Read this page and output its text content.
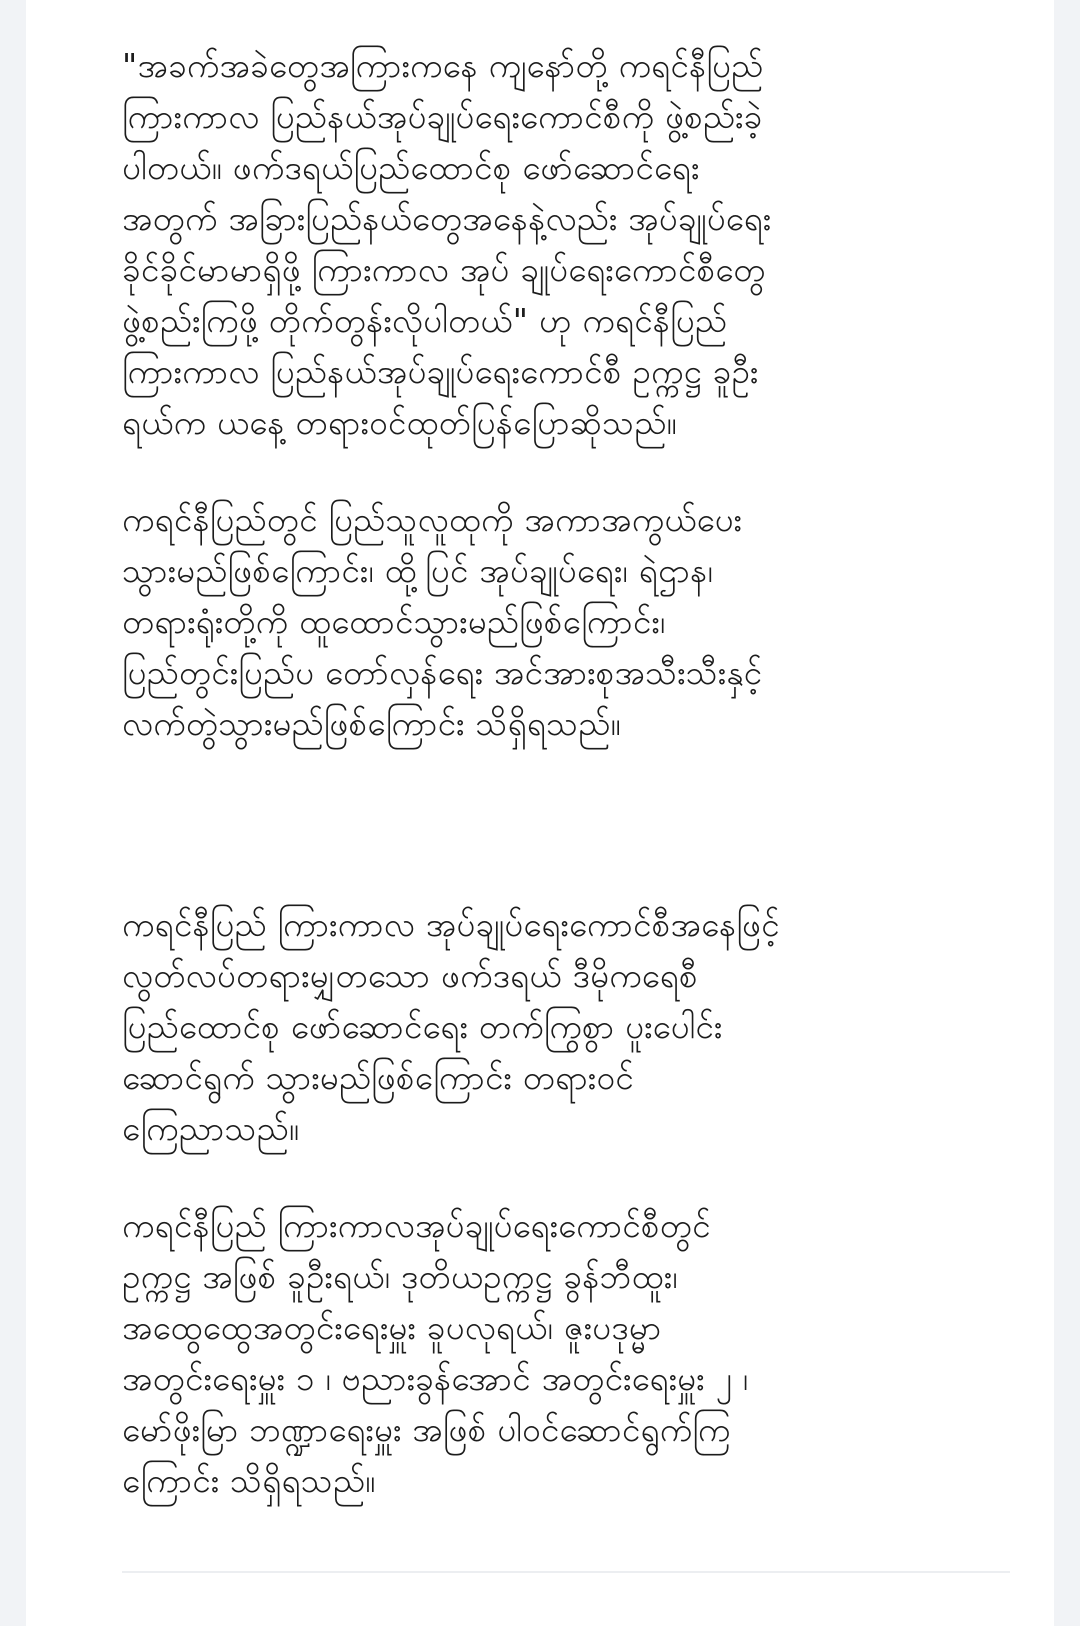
"အခက်အခဲတွေအကြားကနေ ကျနော်တို့ ကရင်နီပြည်
ကြားကာလ ပြည်နယ်အုပ်ချုပ်ရေးကောင်စီကို ဖွဲ့စည်းခဲ့
ပါတယ်။ ဖက်ဒရယ်ပြည်ထောင်စု ဖော်ဆောင်ရေး
အတွက် အခြားပြည်နယ်တွေအနေနဲ့လည်း အုပ်ချုပ်ရေး
ခိုင်ခိုင်မာမာရှိဖို့ ကြားကာလ အုပ် ချုပ်ရေးကောင်စီတွေ
ဖွဲ့စည်းကြဖို့ တိုက်တွန်းလိုပါတယ်" ဟု ကရင်နီပြည်
ကြားကာလ ပြည်နယ်အုပ်ချုပ်ရေးကောင်စီ ဥက္ကဋ္ဌ ခူဦး
ရယ်က ယနေ့ တရားဝင်ထုတ်ပြန်ပြောဆိုသည်။

ကရင်နီပြည်တွင် ပြည်သူလူထုကို အကာအကွယ်ပေး
သွားမည်ဖြစ်ကြောင်း၊ ထို့ပြင် အုပ်ချုပ်ရေး၊ ရဲဌာန၊
တရားရုံးတို့ကို ထူထောင်သွားမည်ဖြစ်ကြောင်း၊
ပြည်တွင်းပြည်ပ တော်လှန်ရေး အင်အားစုအသီးသီးနှင့်
လက်တွဲသွားမည်ဖြစ်ကြောင်း သိရှိရသည်။

ကရင်နီပြည် ကြားကာလ အုပ်ချုပ်ရေးကောင်စီအနေဖြင့်
လွတ်လပ်တရားမျှတသော ဖက်ဒရယ် ဒီမိုကရေစီ
ပြည်ထောင်စု ဖော်ဆောင်ရေး တက်ကြွစွာ ပူးပေါင်း
ဆောင်ရွက် သွားမည်ဖြစ်ကြောင်း တရားဝင်
ကြေညာသည်။

ကရင်နီပြည် ကြားကာလအုပ်ချုပ်ရေးကောင်စီတွင်
ဥက္ကဋ္ဌ အဖြစ် ခူဦးရယ်၊ ဒုတိယဥက္ကဋ္ဌ ခွန်ဘီထူး၊
အထွေထွေအတွင်းရေးမှူး ခူပလုရယ်၊ ဇူးပဒုမ္မာ
အတွင်းရေးမှူး ၁ ၊ ဗညားခွန်အောင် အတွင်းရေးမှူး ၂ ၊
မော်ဖိုးမြာ ဘဏ္ဍာရေးမှူး အဖြစ် ပါဝင်ဆောင်ရွက်ကြ
ကြောင်း သိရှိရသည်။
